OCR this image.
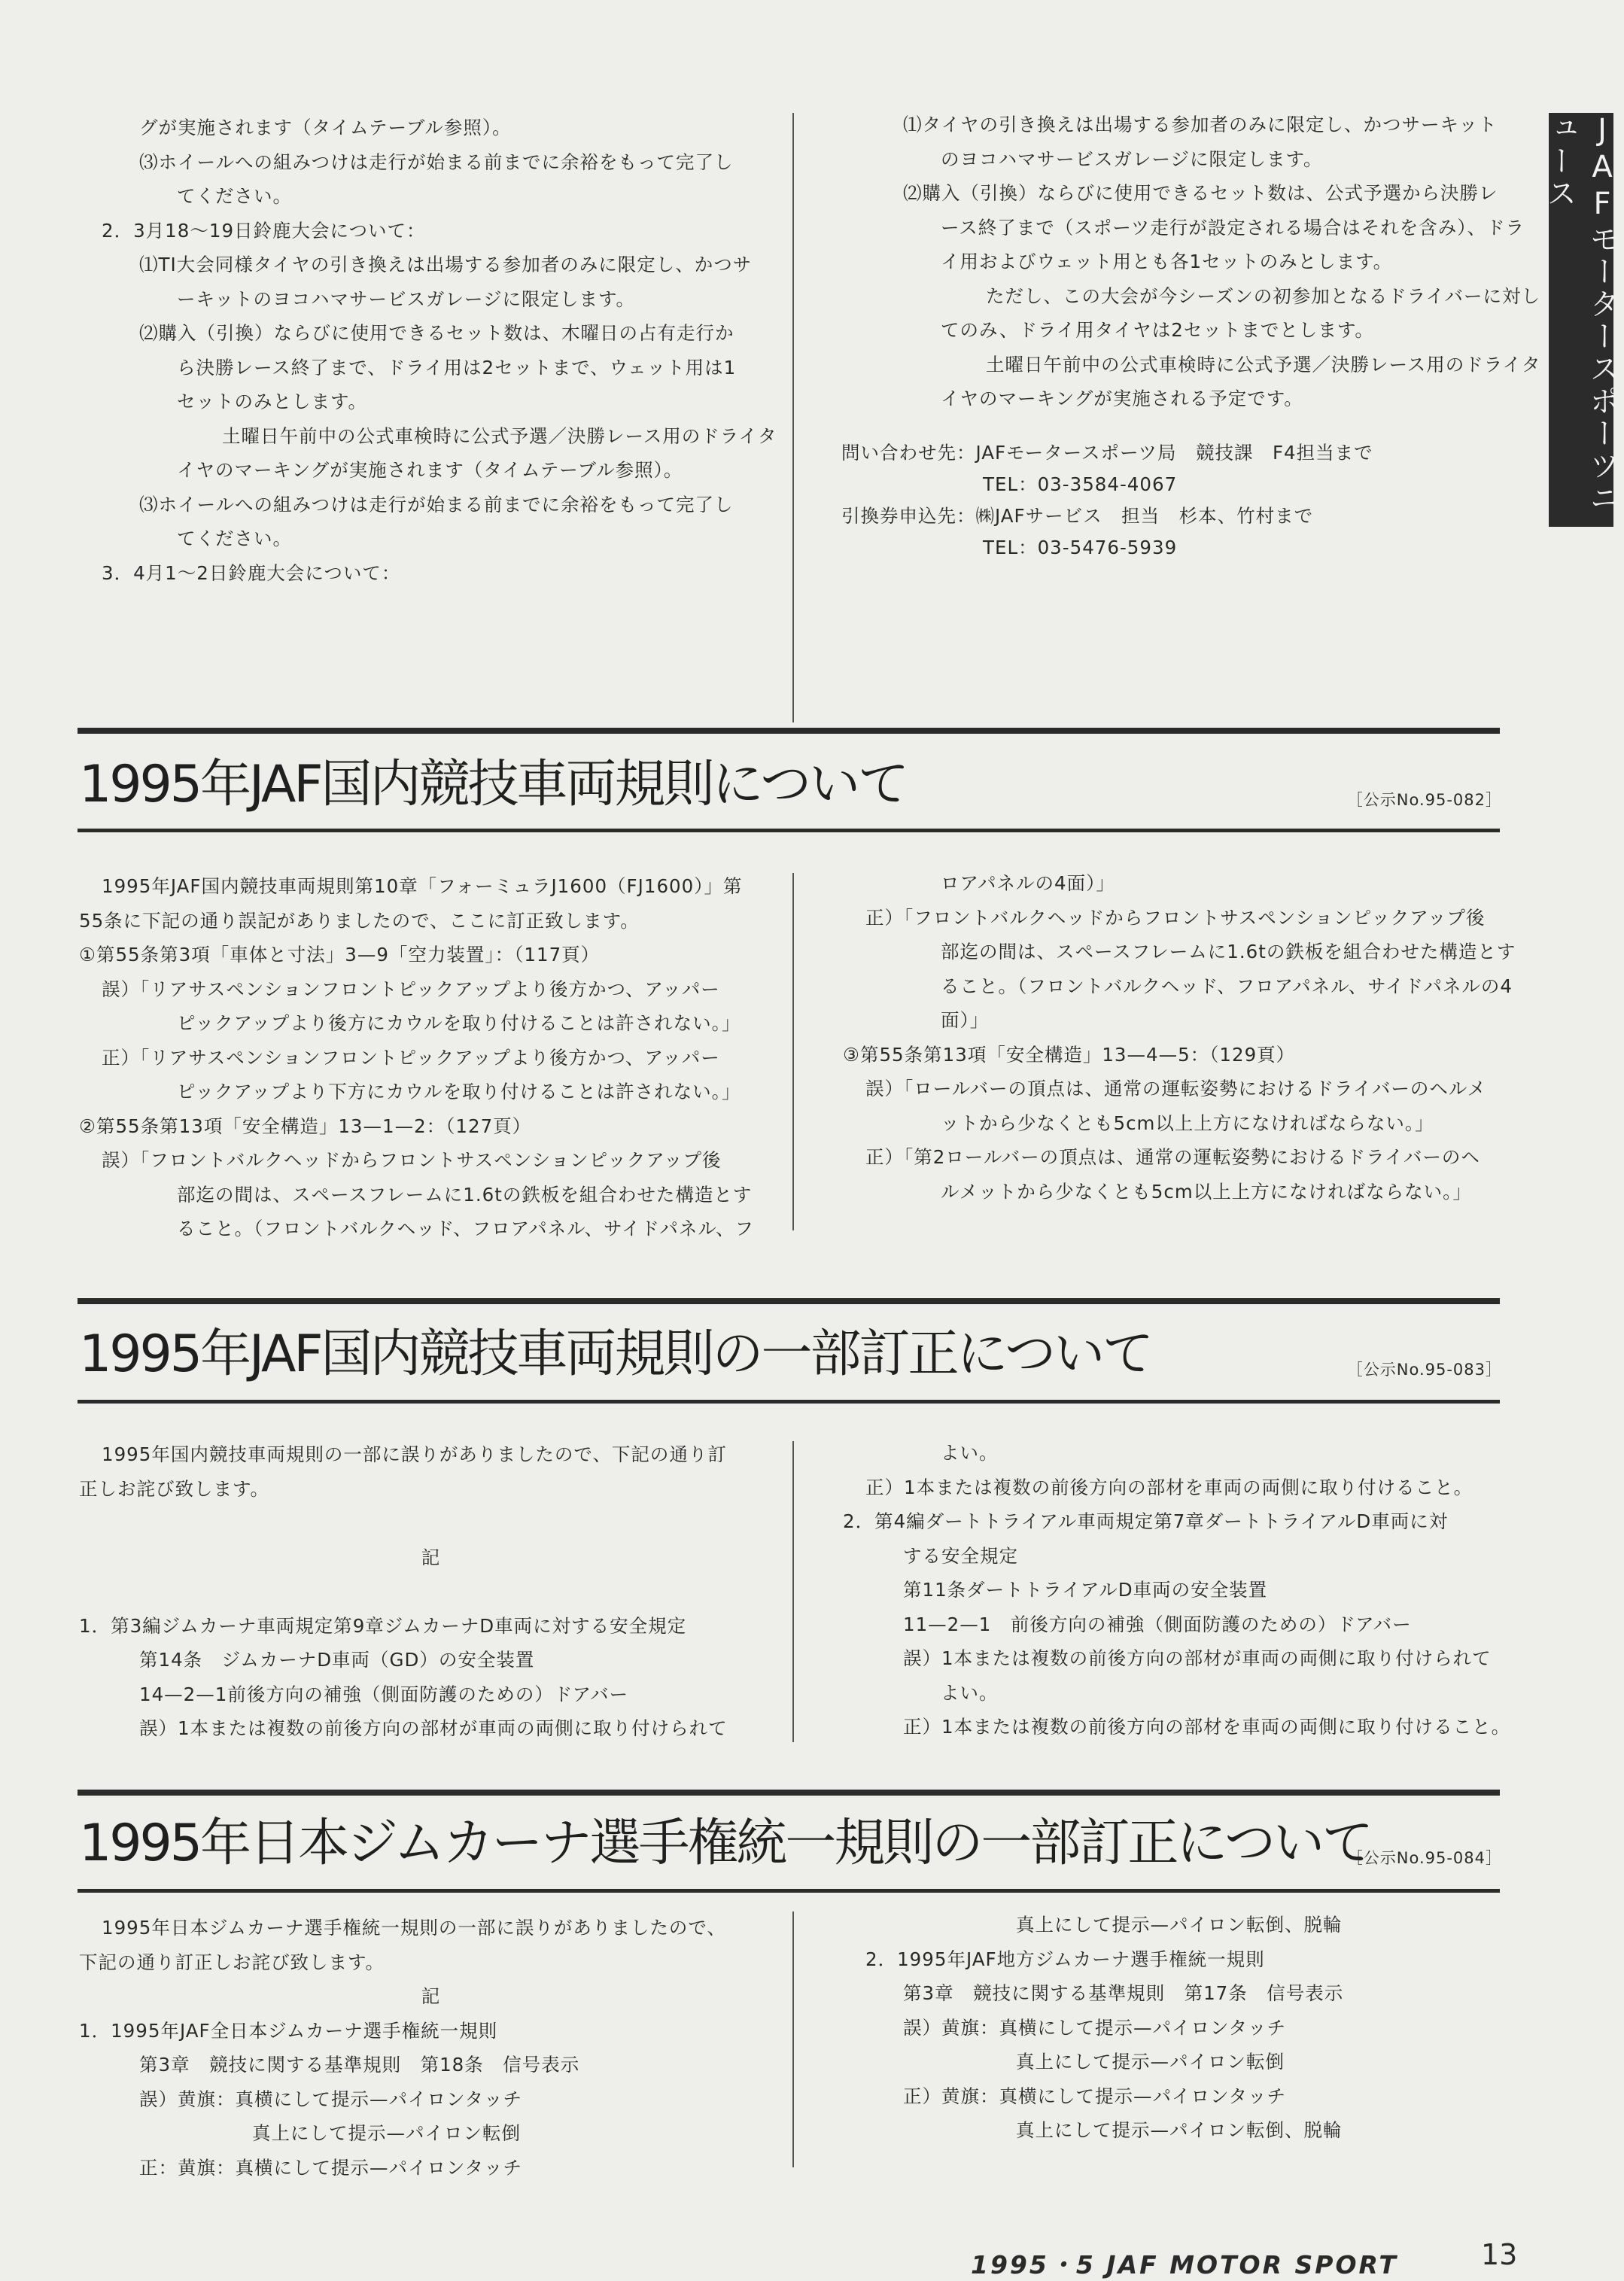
JAFモータースポーツニュース

グが実施されます（タイムテーブル参照）。

⑶ホイールへの組みつけは走行が始まる前までに余裕をもって完了し

てください。

2．3月18〜19日鈴鹿大会について：

⑴TI大会同様タイヤの引き換えは出場する参加者のみに限定し、かつサ

ーキットのヨコハマサービスガレージに限定します。

⑵購入（引換）ならびに使用できるセット数は、木曜日の占有走行か

ら決勝レース終了まで、ドライ用は2セットまで、ウェット用は1

セットのみとします。

土曜日午前中の公式車検時に公式予選／決勝レース用のドライタ

イヤのマーキングが実施されます（タイムテーブル参照）。

⑶ホイールへの組みつけは走行が始まる前までに余裕をもって完了し

てください。

3．4月1〜2日鈴鹿大会について：

⑴タイヤの引き換えは出場する参加者のみに限定し、かつサーキット

のヨコハマサービスガレージに限定します。

⑵購入（引換）ならびに使用できるセット数は、公式予選から決勝レ

ース終了まで（スポーツ走行が設定される場合はそれを含み）、ドラ

イ用およびウェット用とも各1セットのみとします。

ただし、この大会が今シーズンの初参加となるドライバーに対し

てのみ、ドライ用タイヤは2セットまでとします。

土曜日午前中の公式車検時に公式予選／決勝レース用のドライタ

イヤのマーキングが実施される予定です。

問い合わせ先：JAFモータースポーツ局　競技課　F4担当まで

TEL：03-3584-4067

引換券申込先：㈱JAFサービス　担当　杉本、竹村まで

TEL：03-5476-5939

1995年JAF国内競技車両規則について	［公示No.95-082］

1995年JAF国内競技車両規則第10章「フォーミュラJ1600（FJ1600）」第

55条に下記の通り誤記がありましたので、ここに訂正致します。

①第55条第3項「車体と寸法」3—9「空力装置」：（117頁）

誤）「リアサスペンションフロントピックアップより後方かつ、アッパー

ピックアップより後方にカウルを取り付けることは許されない。」

正）「リアサスペンションフロントピックアップより後方かつ、アッパー

ピックアップより下方にカウルを取り付けることは許されない。」

②第55条第13項「安全構造」13—1—2：（127頁）

誤）「フロントバルクヘッドからフロントサスペンションピックアップ後

部迄の間は、スペースフレームに1.6tの鉄板を組合わせた構造とす

ること。（フロントバルクヘッド、フロアパネル、サイドパネル、フ

ロアパネルの4面）」

正）「フロントバルクヘッドからフロントサスペンションピックアップ後

部迄の間は、スペースフレームに1.6tの鉄板を組合わせた構造とす

ること。（フロントバルクヘッド、フロアパネル、サイドパネルの4

面）」

③第55条第13項「安全構造」13—4—5：（129頁）

誤）「ロールバーの頂点は、通常の運転姿勢におけるドライバーのヘルメ

ットから少なくとも5cm以上上方になければならない。」

正）「第2ロールバーの頂点は、通常の運転姿勢におけるドライバーのヘ

ルメットから少なくとも5cm以上上方になければならない。」

1995年JAF国内競技車両規則の一部訂正について	［公示No.95-083］

1995年国内競技車両規則の一部に誤りがありましたので、下記の通り訂

正しお詫び致します。

記

1．第3編ジムカーナ車両規定第9章ジムカーナD車両に対する安全規定

第14条　ジムカーナD車両（GD）の安全装置

14—2—1前後方向の補強（側面防護のための）ドアバー

誤）1本または複数の前後方向の部材が車両の両側に取り付けられて

よい。

正）1本または複数の前後方向の部材を車両の両側に取り付けること。

2．第4編ダートトライアル車両規定第7章ダートトライアルD車両に対

する安全規定

第11条ダートトライアルD車両の安全装置

11—2—1　前後方向の補強（側面防護のための）ドアバー

誤）1本または複数の前後方向の部材が車両の両側に取り付けられて

よい。

正）1本または複数の前後方向の部材を車両の両側に取り付けること。

1995年日本ジムカーナ選手権統一規則の一部訂正について
［公示No.95-084］

1995年日本ジムカーナ選手権統一規則の一部に誤りがありましたので、

下記の通り訂正しお詫び致します。

記

1．1995年JAF全日本ジムカーナ選手権統一規則

第3章　競技に関する基準規則　第18条　信号表示

誤）黄旗：真横にして提示—パイロンタッチ

真上にして提示—パイロン転倒

正：黄旗：真横にして提示—パイロンタッチ

真上にして提示—パイロン転倒、脱輪

2．1995年JAF地方ジムカーナ選手権統一規則

第3章　競技に関する基準規則　第17条　信号表示

誤）黄旗：真横にして提示—パイロンタッチ

真上にして提示—パイロン転倒

正）黄旗：真横にして提示—パイロンタッチ

真上にして提示—パイロン転倒、脱輪

1995・5 JAF MOTOR SPORT	13
